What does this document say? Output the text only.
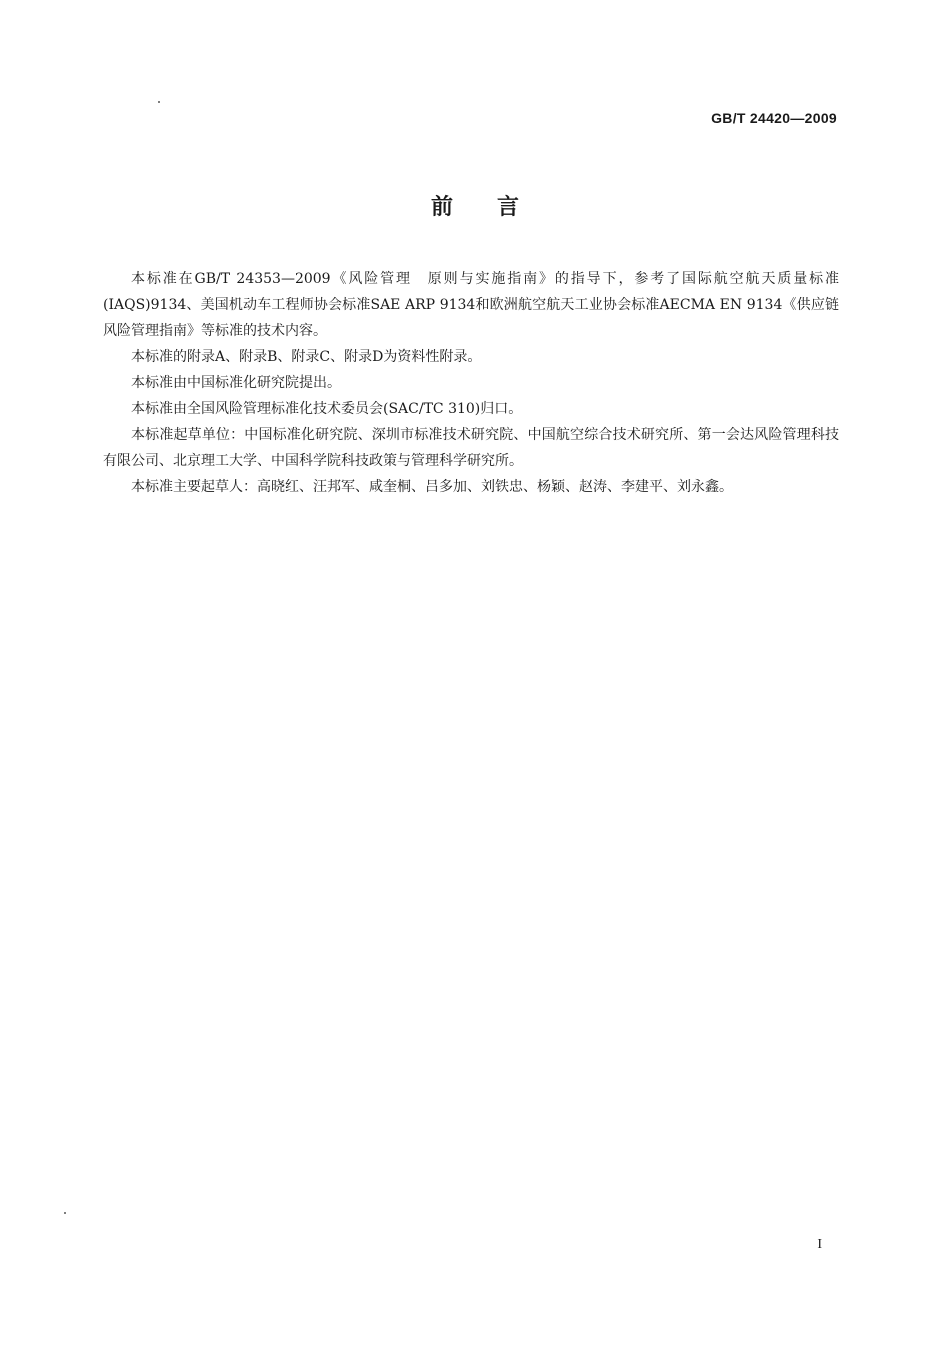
GB/T 24420—2009
前言

本标准在GB/T 24353—2009《风险管理　原则与实施指南》的指导下，参考了国际航空航天质量标准(IAQS)9134、美国机动车工程师协会标准SAE ARP 9134和欧洲航空航天工业协会标准AECMA EN 9134《供应链风险管理指南》等标准的技术内容。

本标准的附录A、附录B、附录C、附录D为资料性附录。

本标准由中国标准化研究院提出。

本标准由全国风险管理标准化技术委员会(SAC/TC 310)归口。

本标准起草单位：中国标准化研究院、深圳市标准技术研究院、中国航空综合技术研究所、第一会达风险管理科技有限公司、北京理工大学、中国科学院科技政策与管理科学研究所。

本标准主要起草人：高晓红、汪邦军、咸奎桐、吕多加、刘铁忠、杨颖、赵涛、李建平、刘永鑫。

I
